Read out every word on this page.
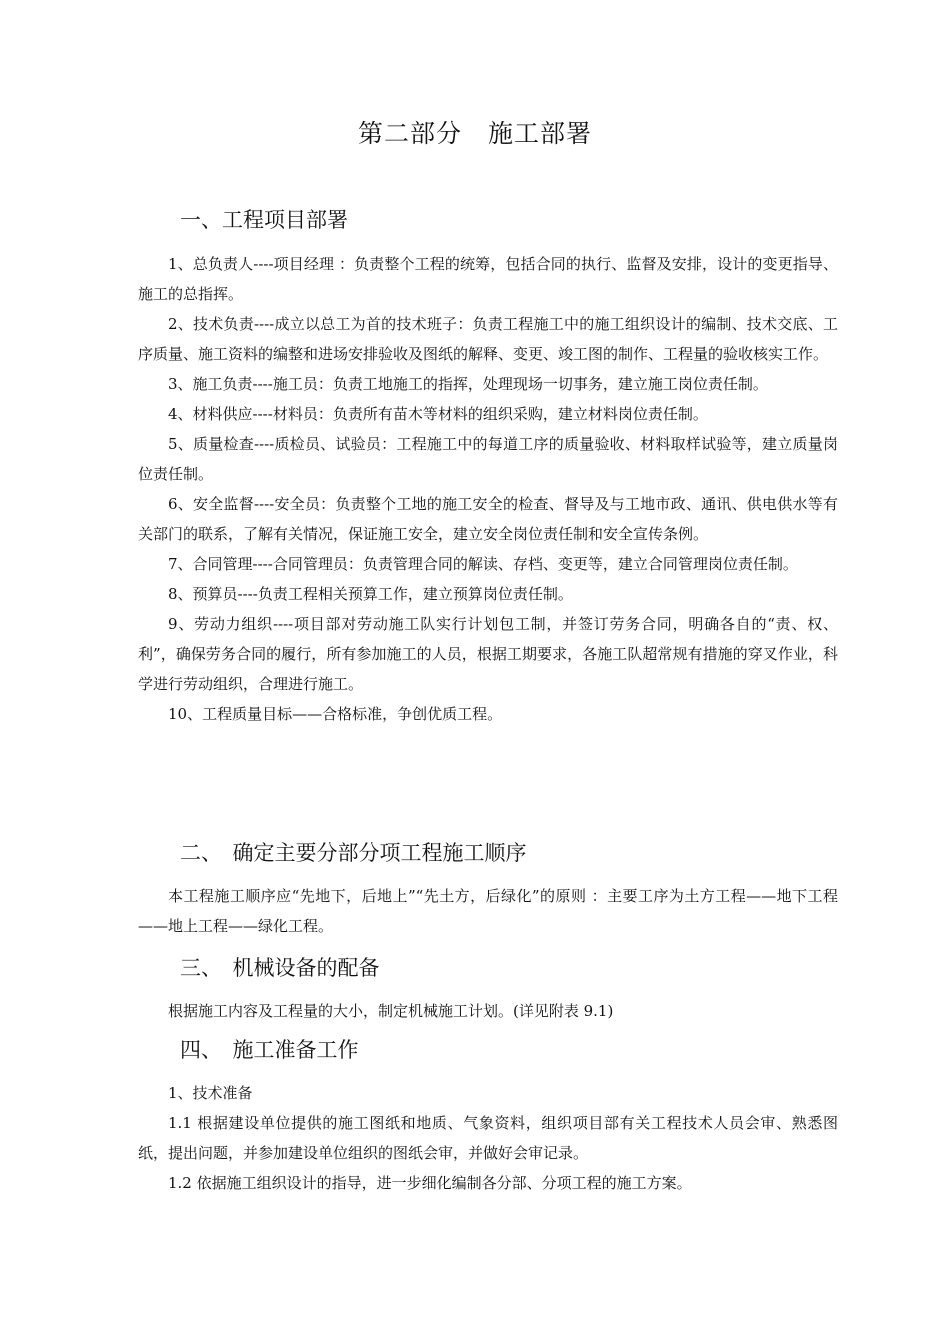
第二部分　施工部署
一、工程项目部署

1、总负责人----项目经理 ：负责整个工程的统筹，包括合同的执行、监督及安排，设计的变更指导、施工的总指挥。

2、技术负责----成立以总工为首的技术班子：负责工程施工中的施工组织设计的编制、技术交底、工序质量、施工资料的编整和进场安排验收及图纸的解释、变更、竣工图的制作、工程量的验收核实工作。

3、施工负责----施工员：负责工地施工的指挥，处理现场一切事务，建立施工岗位责任制。

4、材料供应----材料员：负责所有苗木等材料的组织采购，建立材料岗位责任制。

5、质量检查----质检员、试验员：工程施工中的每道工序的质量验收、材料取样试验等，建立质量岗位责任制。

6、安全监督----安全员：负责整个工地的施工安全的检查、督导及与工地市政、通讯、供电供水等有关部门的联系，了解有关情况，保证施工安全，建立安全岗位责任制和安全宣传条例。

7、合同管理----合同管理员：负责管理合同的解读、存档、变更等，建立合同管理岗位责任制。

8、预算员----负责工程相关预算工作，建立预算岗位责任制。

9、劳动力组织----项目部对劳动施工队实行计划包工制，并签订劳务合同，明确各自的“责、权、利”，确保劳务合同的履行，所有参加施工的人员，根据工期要求，各施工队超常规有措施的穿叉作业，科学进行劳动组织，合理进行施工。

10、工程质量目标——合格标准，争创优质工程。

二、　确定主要分部分项工程施工顺序

本工程施工顺序应“先地下，后地上”“先土方，后绿化”的原则 ：主要工序为土方工程——地下工程——地上工程——绿化工程。

三、　机械设备的配备

根据施工内容及工程量的大小，制定机械施工计划。(详见附表 9.1)

四、　施工准备工作

1、技术准备

1.1 根据建设单位提供的施工图纸和地质、气象资料，组织项目部有关工程技术人员会审、熟悉图纸，提出问题，并参加建设单位组织的图纸会审，并做好会审记录。

1.2 依据施工组织设计的指导，进一步细化编制各分部、分项工程的施工方案。
